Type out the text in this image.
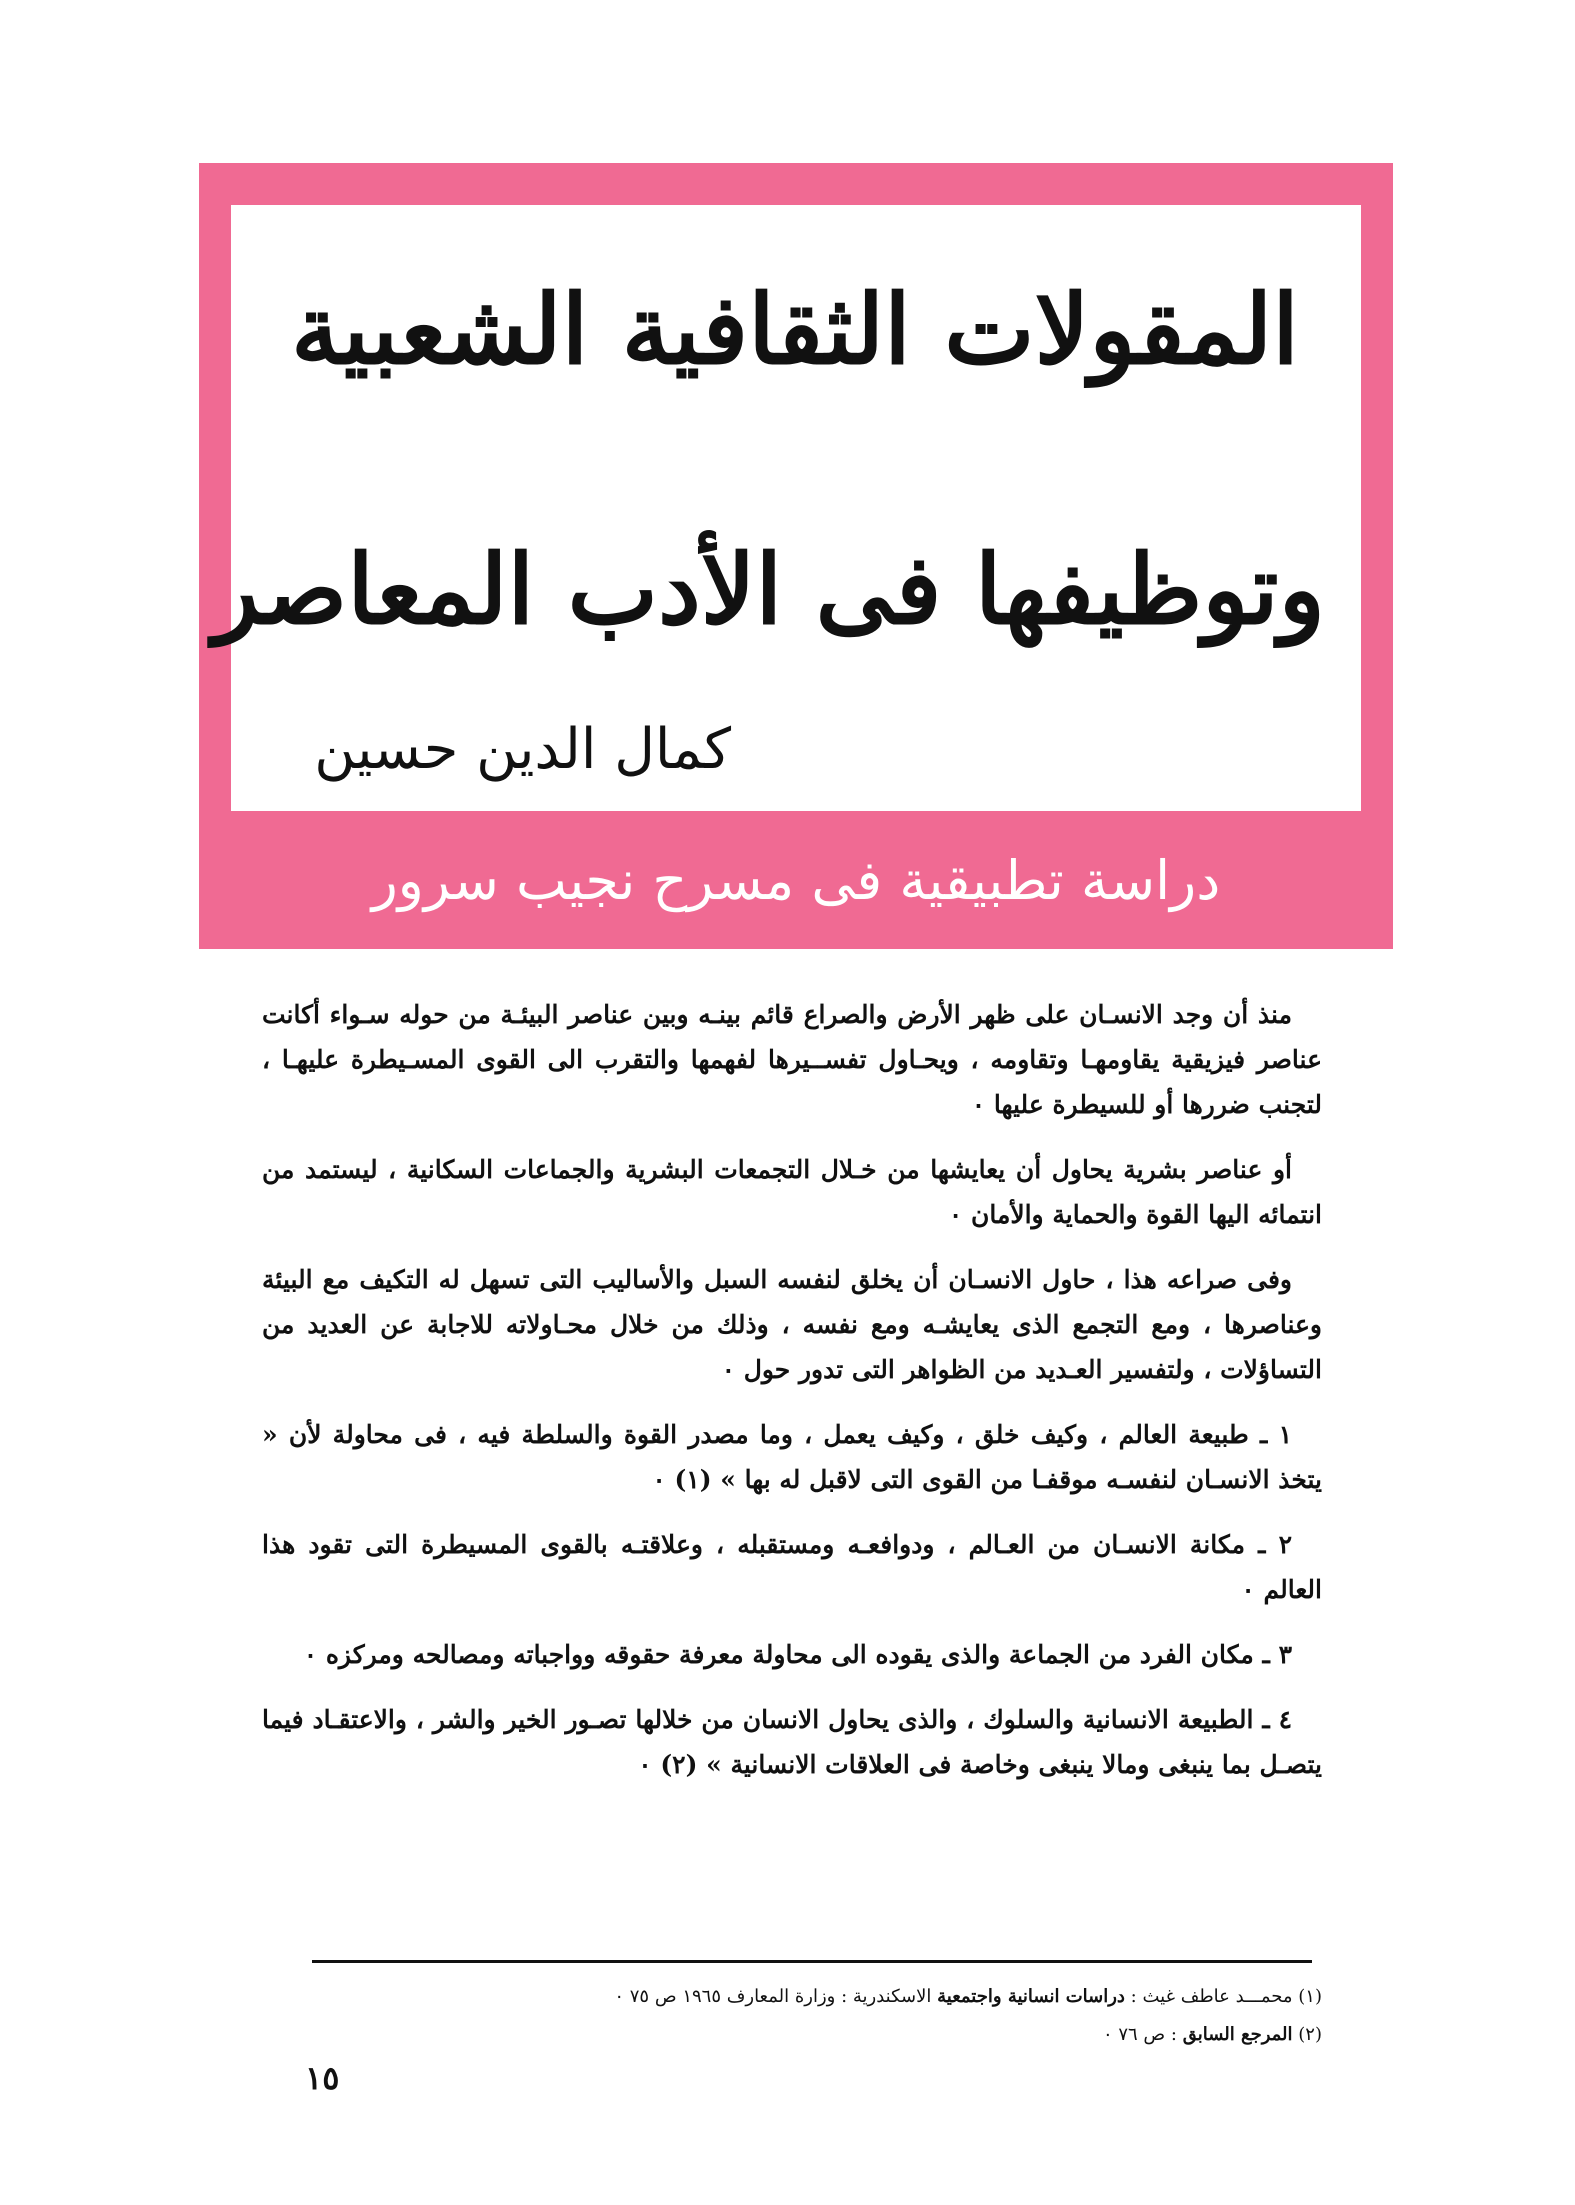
المقولات الثقافية الشعبية
وتوظيفها فى الأدب المعاصر
كمال الدين حسين
دراسة تطبيقية فى مسرح نجيب سرور

منذ أن وجد الانسـان على ظهر الأرض والصراع قائم بينـه وبين عناصر البيئـة من حوله سـواء أكانت عناصر فيزيقية يقاومهـا وتقاومه ، ويحـاول تفســيرها لفهمها والتقرب الى القوى المسـيطرة عليهـا ، لتجنب ضررها أو للسيطرة عليها ٠

أو عناصر بشرية يحاول أن يعايشها من خـلال التجمعات البشرية والجماعات السكانية ، ليستمد من انتمائه اليها القوة والحماية والأمان ٠

وفى صراعه هذا ، حاول الانسـان أن يخلق لنفسه السبل والأساليب التى تسهل له التكيف مع البيئة وعناصرها ، ومع التجمع الذى يعايشـه ومع نفسه ، وذلك من خلال محـاولاته للاجابة عن العديد من التساؤلات ، ولتفسير العـديد من الظواهر التى تدور حول ٠

١ ـ طبيعة العالم ، وكيف خلق ، وكيف يعمل ، وما مصدر القوة والسلطة فيه ، فى محاولة لأن « يتخذ الانسـان لنفسـه موقفـا من القوى التى لاقبل له بها » (١) ٠

٢ ـ مكانة الانسـان من العـالم ، ودوافعـه ومستقبله ، وعلاقتـه بالقوى المسيطرة التى تقود هذا العالم ٠

٣ ـ مكان الفرد من الجماعة والذى يقوده الى محاولة معرفة حقوقه وواجباته ومصالحه ومركزه ٠

٤ ـ الطبيعة الانسانية والسلوك ، والذى يحاول الانسان من خلالها تصـور الخير والشر ، والاعتقـاد فيما يتصـل بما ينبغى ومالا ينبغى وخاصة فى العلاقات الانسانية » (٢) ٠

(١) محمـــد عاطف غيث : دراسات انسانية واجتمعية الاسكندرية : وزارة المعارف ١٩٦٥ ص ٧٥ ٠
(٢) المرجع السابق : ص ٧٦ ٠
١٥
